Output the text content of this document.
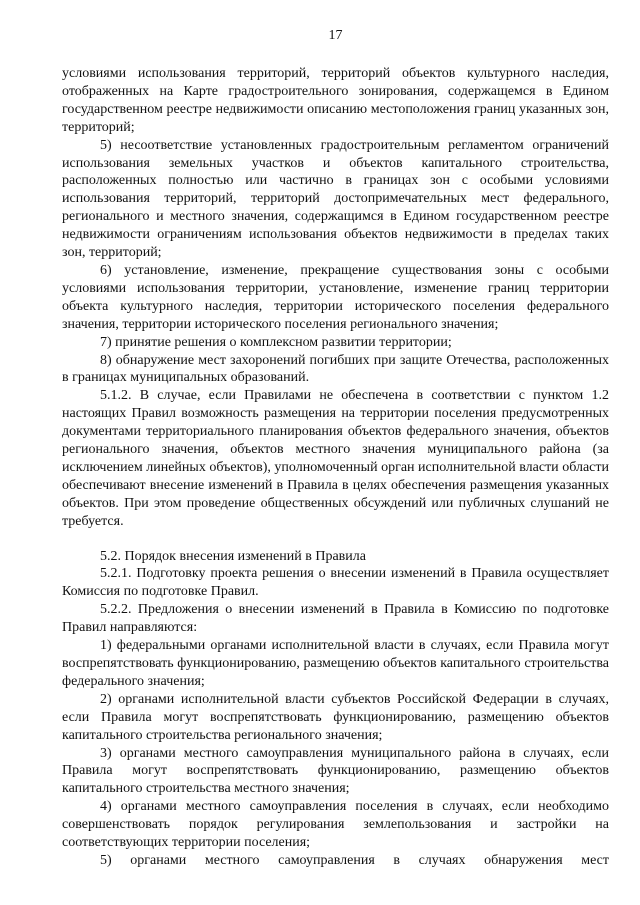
17

условиями использования территорий, территорий объектов культурного наследия, отображенных на Карте градостроительного зонирования, содержащемся в Едином государственном реестре недвижимости описанию местоположения границ указанных зон, территорий;

5) несоответствие установленных градостроительным регламентом ограничений использования земельных участков и объектов капитального строительства, расположенных полностью или частично в границах зон с особыми условиями использования территорий, территорий достопримечательных мест федерального, регионального и местного значения, содержащимся в Едином государственном реестре недвижимости ограничениям использования объектов недвижимости в пределах таких зон, территорий;

6) установление, изменение, прекращение существования зоны с особыми условиями использования территории, установление, изменение границ территории объекта культурного наследия, территории исторического поселения федерального значения, территории исторического поселения регионального значения;

7) принятие решения о комплексном развитии территории;

8) обнаружение мест захоронений погибших при защите Отечества, расположенных в границах муниципальных образований.

5.1.2. В случае, если Правилами не обеспечена в соответствии с пунктом 1.2 настоящих Правил возможность размещения на территории поселения предусмотренных документами территориального планирования объектов федерального значения, объектов регионального значения, объектов местного значения муниципального района (за исключением линейных объектов), уполномоченный орган исполнительной власти области обеспечивают внесение изменений в Правила в целях обеспечения размещения указанных объектов. При этом проведение общественных обсуждений или публичных слушаний не требуется.

5.2. Порядок внесения изменений в Правила

5.2.1. Подготовку проекта решения о внесении изменений в Правила осуществляет Комиссия по подготовке Правил.

5.2.2. Предложения о внесении изменений в Правила в Комиссию по подготовке Правил направляются:

1) федеральными органами исполнительной власти в случаях, если Правила могут воспрепятствовать функционированию, размещению объектов капитального строительства федерального значения;

2) органами исполнительной власти субъектов Российской Федерации в случаях, если Правила могут воспрепятствовать функционированию, размещению объектов капитального строительства регионального значения;

3) органами местного самоуправления муниципального района в случаях, если Правила могут воспрепятствовать функционированию, размещению объектов капитального строительства местного значения;

4) органами местного самоуправления поселения в случаях, если необходимо совершенствовать порядок регулирования землепользования и застройки на соответствующих территории поселения;

5) органами местного самоуправления в случаях обнаружения мест
